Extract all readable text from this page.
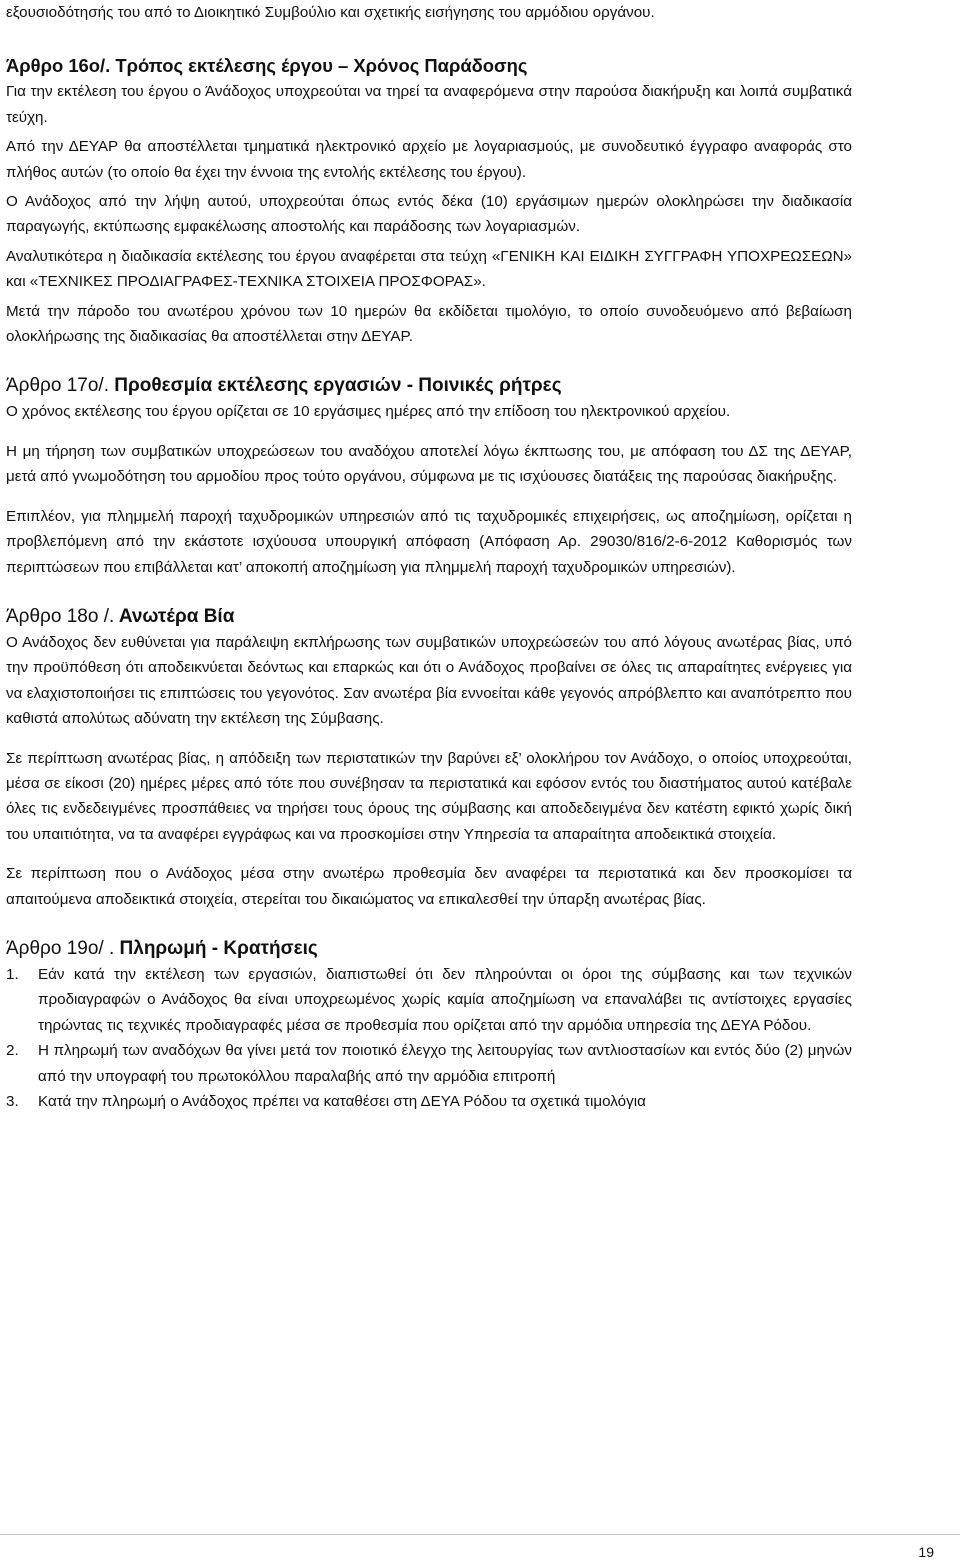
εξουσιοδότησής του από το Διοικητικό Συμβούλιο και σχετικής εισήγησης του αρμόδιου οργάνου.

Άρθρο 16ο/. Τρόπος εκτέλεσης έργου – Χρόνος Παράδοσης

Για την εκτέλεση του έργου ο Άνάδοχος υποχρεούται να τηρεί τα αναφερόμενα στην παρούσα διακήρυξη και λοιπά συμβατικά τεύχη.

Από την ΔΕΥΑΡ θα αποστέλλεται τμηματικά ηλεκτρονικό αρχείο με λογαριασμούς, με συνοδευτικό έγγραφο αναφοράς στο πλήθος αυτών (το οποίο θα έχει την έννοια της εντολής εκτέλεσης του έργου).

Ο Ανάδοχος από την λήψη αυτού, υποχρεούται όπως εντός δέκα (10) εργάσιμων ημερών ολοκληρώσει την διαδικασία παραγωγής, εκτύπωσης εμφακέλωσης αποστολής και παράδοσης των λογαριασμών.

Αναλυτικότερα η διαδικασία εκτέλεσης του έργου αναφέρεται στα τεύχη «ΓΕΝΙΚΗ ΚΑΙ ΕΙΔΙΚΗ ΣΥΓΓΡΑΦΗ ΥΠΟΧΡΕΩΣΕΩΝ» και «ΤΕΧΝΙΚΕΣ ΠΡΟΔΙΑΓΡΑΦΕΣ-ΤΕΧΝΙΚΑ ΣΤΟΙΧΕΙΑ ΠΡΟΣΦΟΡΑΣ».

Μετά την πάροδο του ανωτέρου χρόνου των 10 ημερών θα εκδίδεται τιμολόγιο, το οποίο συνοδευόμενο από βεβαίωση ολοκλήρωσης της διαδικασίας θα αποστέλλεται στην ΔΕΥΑΡ.

Άρθρο 17ο/. Προθεσμία εκτέλεσης εργασιών - Ποινικές ρήτρες

Ο χρόνος εκτέλεσης του έργου ορίζεται σε 10 εργάσιμες ημέρες από την επίδοση του ηλεκτρονικού αρχείου.

Η μη τήρηση των συμβατικών υποχρεώσεων του αναδόχου αποτελεί λόγω έκπτωσης του, με απόφαση του ΔΣ της ΔΕΥΑΡ, μετά από γνωμοδότηση του αρμοδίου προς τούτο οργάνου, σύμφωνα με τις ισχύουσες διατάξεις της παρούσας διακήρυξης.

Επιπλέον, για πλημμελή παροχή ταχυδρομικών υπηρεσιών από τις ταχυδρομικές επιχειρήσεις, ως αποζημίωση, ορίζεται η προβλεπόμενη από την εκάστοτε ισχύουσα υπουργική απόφαση (Απόφαση Αρ. 29030/816/2-6-2012 Καθορισμός των περιπτώσεων που επιβάλλεται κατ’ αποκοπή αποζημίωση για πλημμελή παροχή ταχυδρομικών υπηρεσιών).

Άρθρο 18ο /. Ανωτέρα Βία

Ο Ανάδοχος δεν ευθύνεται για παράλειψη εκπλήρωσης των συμβατικών υποχρεώσεών του από λόγους ανωτέρας βίας, υπό την προϋπόθεση ότι αποδεικνύεται δεόντως και επαρκώς και ότι ο Ανάδοχος προβαίνει σε όλες τις απαραίτητες ενέργειες για να ελαχιστοποιήσει τις επιπτώσεις του γεγονότος. Σαν ανωτέρα βία εννοείται κάθε γεγονός απρόβλεπτο και αναπότρεπτο που καθιστά απολύτως αδύνατη την εκτέλεση της Σύμβασης.

Σε περίπτωση ανωτέρας βίας, η απόδειξη των περιστατικών την βαρύνει εξ’ ολοκλήρου τον Ανάδοχο, ο οποίος υποχρεούται, μέσα σε είκοσι (20) ημέρες μέρες από τότε που συνέβησαν τα περιστατικά και εφόσον εντός του διαστήματος αυτού κατέβαλε όλες τις ενδεδειγμένες προσπάθειες να τηρήσει τους όρους της σύμβασης και αποδεδειγμένα δεν κατέστη εφικτό χωρίς δική του υπαιτιότητα, να τα αναφέρει εγγράφως και να προσκομίσει στην Υπηρεσία τα απαραίτητα αποδεικτικά στοιχεία.

Σε περίπτωση που ο Ανάδοχος μέσα στην ανωτέρω προθεσμία δεν αναφέρει τα περιστατικά και δεν προσκομίσει τα απαιτούμενα αποδεικτικά στοιχεία, στερείται του δικαιώματος να επικαλεσθεί την ύπαρξη ανωτέρας βίας.

Άρθρο 19ο/ . Πληρωμή - Κρατήσεις
1. Εάν κατά την εκτέλεση των εργασιών, διαπιστωθεί ότι δεν πληρούνται οι όροι της σύμβασης και των τεχνικών προδιαγραφών ο Ανάδοχος θα είναι υποχρεωμένος χωρίς καμία αποζημίωση να επαναλάβει τις αντίστοιχες εργασίες τηρώντας τις τεχνικές προδιαγραφές μέσα σε προθεσμία που ορίζεται από την αρμόδια υπηρεσία της ΔΕΥΑ Ρόδου.
2. Η πληρωμή των αναδόχων θα γίνει μετά τον ποιοτικό έλεγχο της λειτουργίας των αντλιοστασίων και εντός δύο (2) μηνών από την υπογραφή του πρωτοκόλλου παραλαβής από την αρμόδια επιτροπή
3. Κατά την πληρωμή ο Ανάδοχος πρέπει να καταθέσει στη ΔΕΥΑ Ρόδου τα σχετικά τιμολόγια
19
